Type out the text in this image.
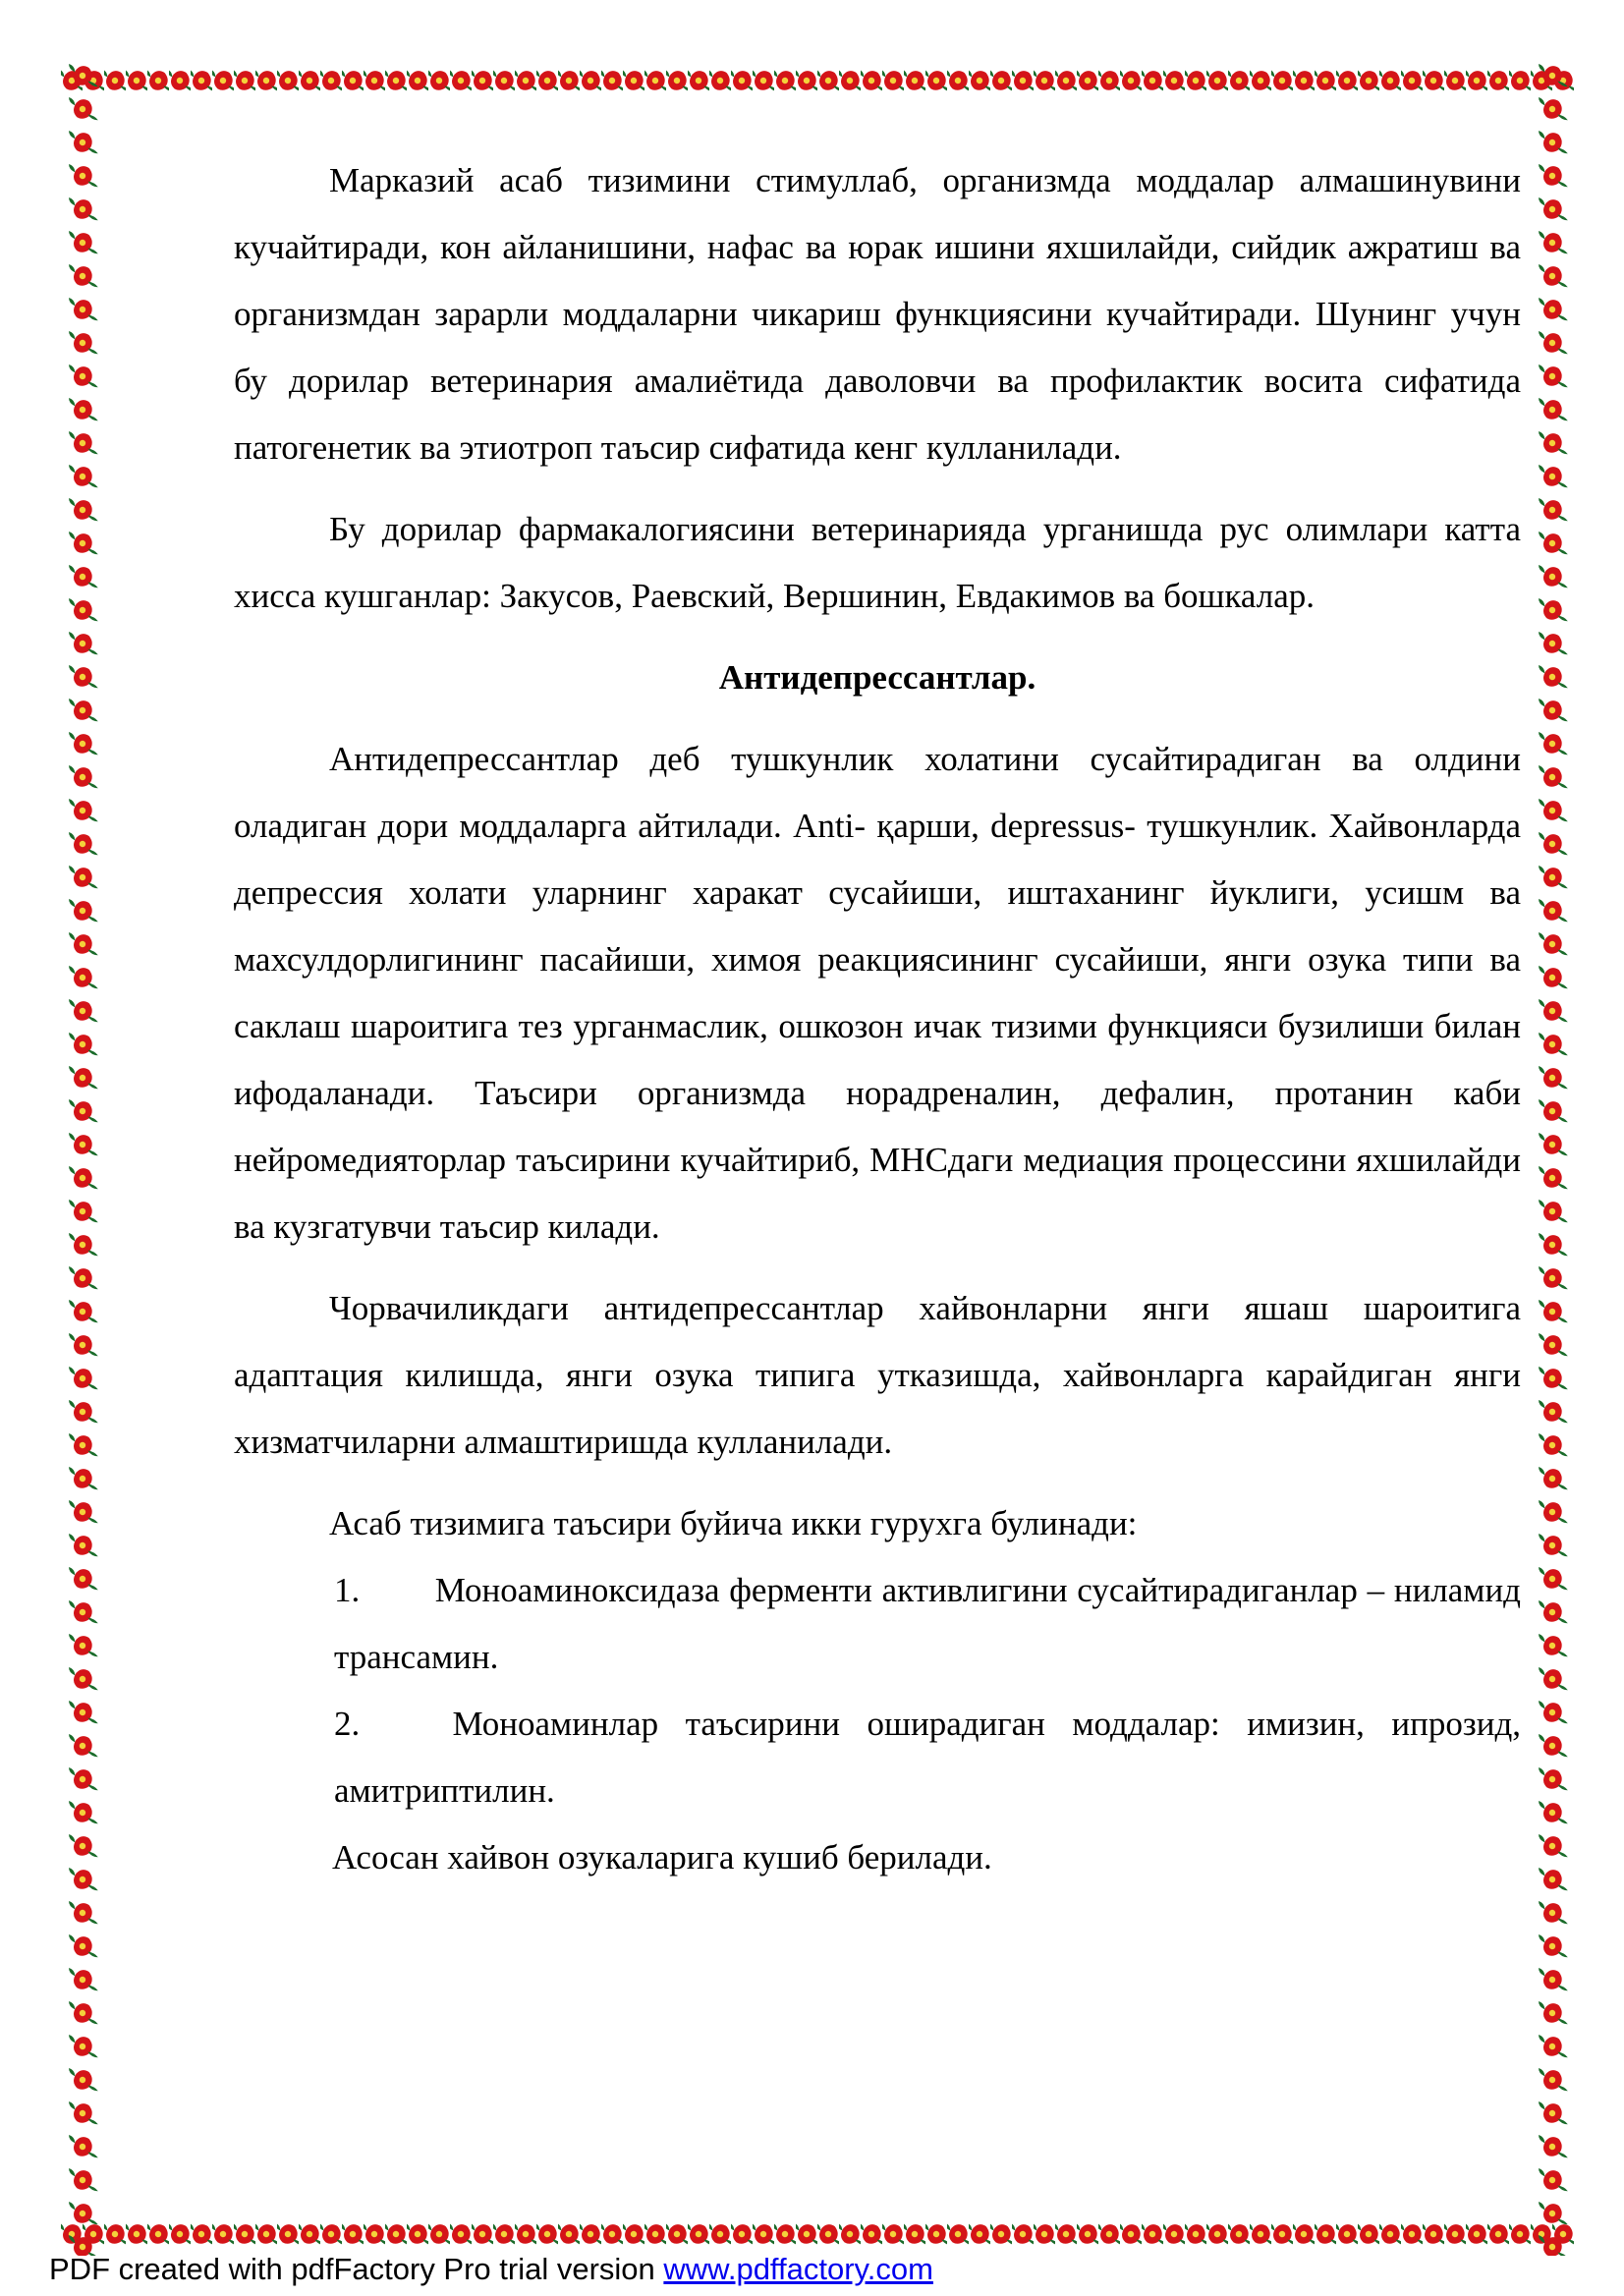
Марказий асаб тизимини стимуллаб, организмда моддалар алмашинувини кучайтиради, кон айланишини, нафас ва юрак ишини яхшилайди, сийдик ажратиш ва организмдан зарарли моддаларни чикариш функциясини кучайтиради. Шунинг учун бу дорилар ветеринария амалиётида даволовчи ва профилактик восита сифатида патогенетик ва этиотроп таъсир сифатида кенг кулланилади.

Бу дорилар фармакалогиясини ветеринарияда урганишда рус олимлари катта хисса кушганлар: Закусов, Раевский, Вершинин, Евдакимов ва бошкалар.

Антидепрессантлар.

Антидепрессантлар деб тушкунлик холатини сусайтирадиган ва олдини оладиган дори моддаларга айтилади. Anti- қарши, depressus- тушкунлик. Хайвонларда депрессия холати уларнинг харакат сусайиши, иштаханинг йуклиги, усишм ва махсулдорлигининг пасайиши, химоя реакциясининг сусайиши, янги озука типи ва саклаш шароитига тез урганмаслик, ошкозон ичак тизими функцияси бузилиши билан ифодаланади. Таъсири организмда норадреналин, дефалин, протанин каби нейромедияторлар таъсирини кучайтириб, МНСдаги медиация процессини яхшилайди ва кузгатувчи таъсир килади.

Чорвачиликдаги антидепрессантлар хайвонларни янги яшаш шароитига адаптация килишда, янги озука типига утказишда, хайвонларга карайдиган янги хизматчиларни алмаштиришда кулланилади.

Асаб тизимига таъсири буйича икки гурухга булинади:

1. Моноаминоксидаза ферменти активлигини сусайтирадиганлар – ниламид трансамин.
2.	Моноаминлар таъсирини оширадиган моддалар: имизин, ипрозид, амитриптилин.

Асосан хайвон озукаларига кушиб берилади.

PDF created with pdfFactory Pro trial version www.pdffactory.com
